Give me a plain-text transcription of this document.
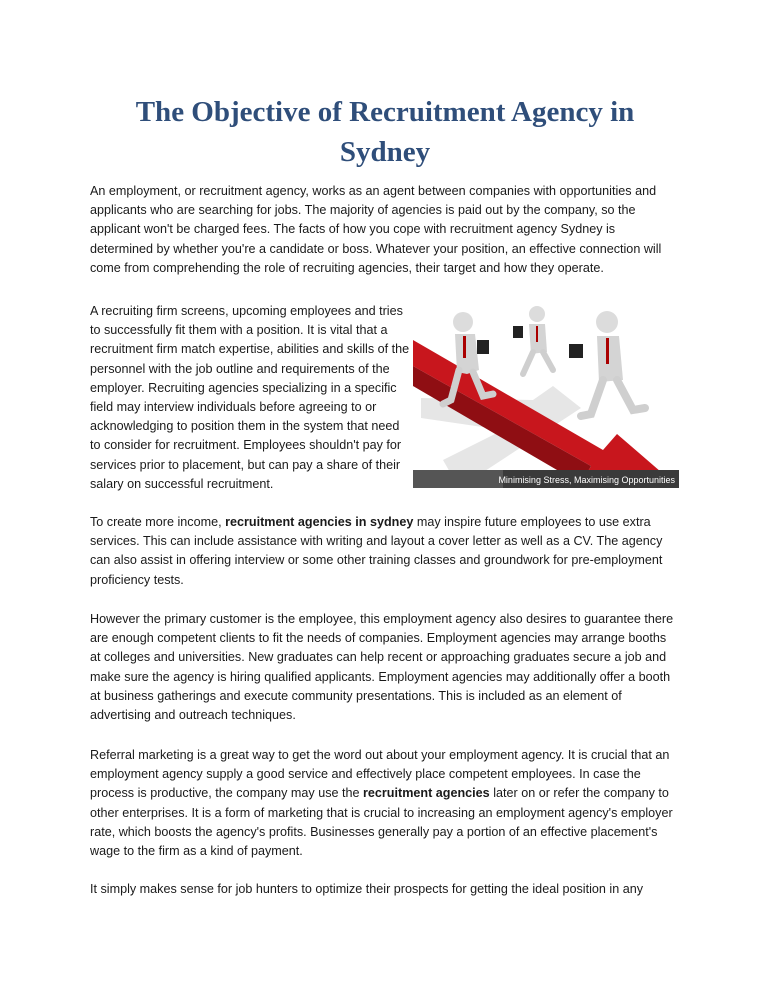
The Objective of Recruitment Agency in Sydney

An employment, or recruitment agency, works as an agent between companies with opportunities and applicants who are searching for jobs. The majority of agencies is paid out by the company, so the applicant won't be charged fees. The facts of how you cope with recruitment agency Sydney is determined by whether you're a candidate or boss. Whatever your position, an effective connection will come from comprehending the role of recruiting agencies, their target and how they operate.

A recruiting firm screens, upcoming employees and tries to successfully fit them with a position. It is vital that a recruitment firm match expertise, abilities and skills of the personnel with the job outline and requirements of the employer. Recruiting agencies specializing in a specific field may interview individuals before agreeing to or acknowledging to position them in the system that need to consider for recruitment. Employees shouldn't pay for services prior to placement, but can pay a share of their salary on successful recruitment.	Minimising Stress, Maximising Opportunities

To create more income, recruitment agencies in sydney may inspire future employees to use extra services. This can include assistance with writing and layout a cover letter as well as a CV. The agency can also assist in offering interview or some other training classes and groundwork for pre-employment proficiency tests.

However the primary customer is the employee, this employment agency also desires to guarantee there are enough competent clients to fit the needs of companies. Employment agencies may arrange booths at colleges and universities. New graduates can help recent or approaching graduates secure a job and make sure the agency is hiring qualified applicants. Employment agencies may additionally offer a booth at business gatherings and execute community presentations. This is included as an element of advertising and outreach techniques.

Referral marketing is a great way to get the word out about your employment agency. It is crucial that an employment agency supply a good service and effectively place competent employees. In case the process is productive, the company may use the recruitment agencies later on or refer the company to other enterprises. It is a form of marketing that is crucial to increasing an employment agency's employer rate, which boosts the agency's profits. Businesses generally pay a portion of an effective placement's wage to the firm as a kind of payment.

It simply makes sense for job hunters to optimize their prospects for getting the ideal position in any
